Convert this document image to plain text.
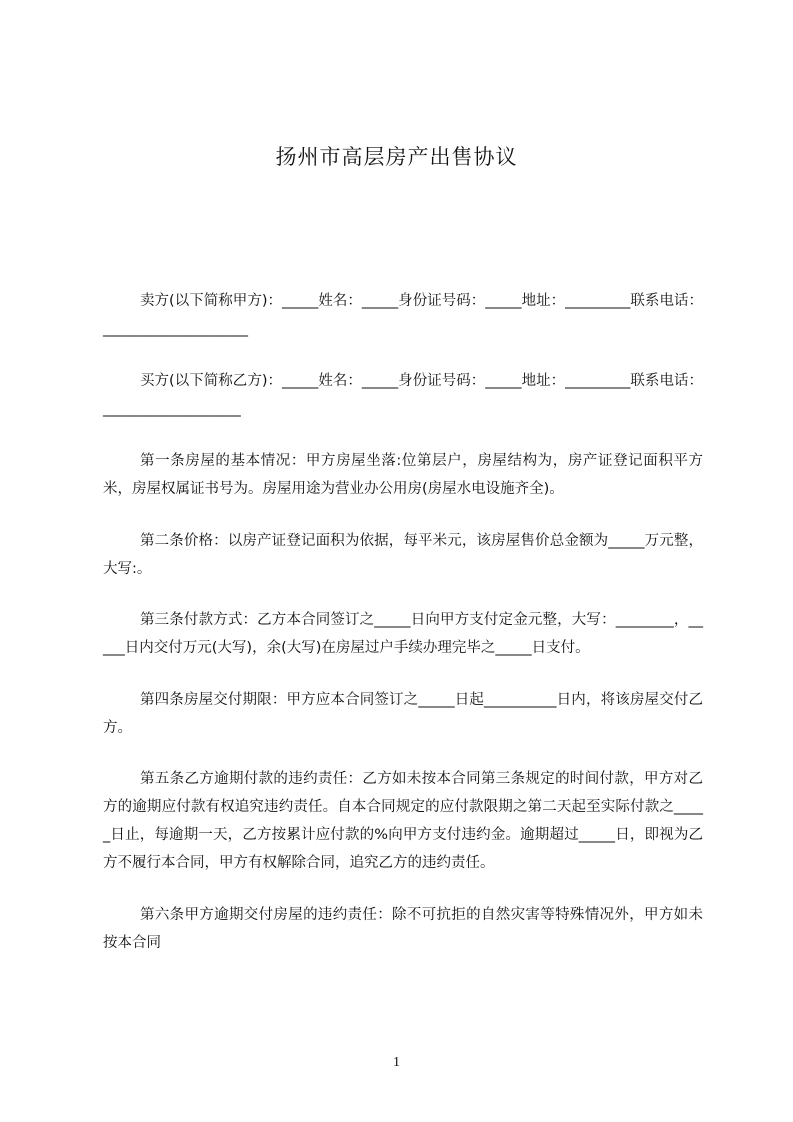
扬州市高层房产出售协议

卖方(以下简称甲方)：_____姓名：_____身份证号码：_____地址：_________联系电话：____________________

买方(以下简称乙方)：_____姓名：_____身份证号码：_____地址：_________联系电话：___________________

第一条房屋的基本情况：甲方房屋坐落:位第层户，房屋结构为，房产证登记面积平方米，房屋权属证书号为。房屋用途为营业办公用房(房屋水电设施齐全)。

第二条价格：以房产证登记面积为依据，每平米元，该房屋售价总金额为_____万元整，大写:。

第三条付款方式：乙方本合同签订之_____日向甲方支付定金元整，大写：________，_____日内交付万元(大写)，余(大写)在房屋过户手续办理完毕之_____日支付。

第四条房屋交付期限：甲方应本合同签订之_____日起__________日内，将该房屋交付乙方。

第五条乙方逾期付款的违约责任：乙方如未按本合同第三条规定的时间付款，甲方对乙方的逾期应付款有权追究违约责任。自本合同规定的应付款限期之第二天起至实际付款之_____日止，每逾期一天，乙方按累计应付款的%向甲方支付违约金。逾期超过_____日，即视为乙方不履行本合同，甲方有权解除合同，追究乙方的违约责任。

第六条甲方逾期交付房屋的违约责任：除不可抗拒的自然灾害等特殊情况外，甲方如未按本合同

1
